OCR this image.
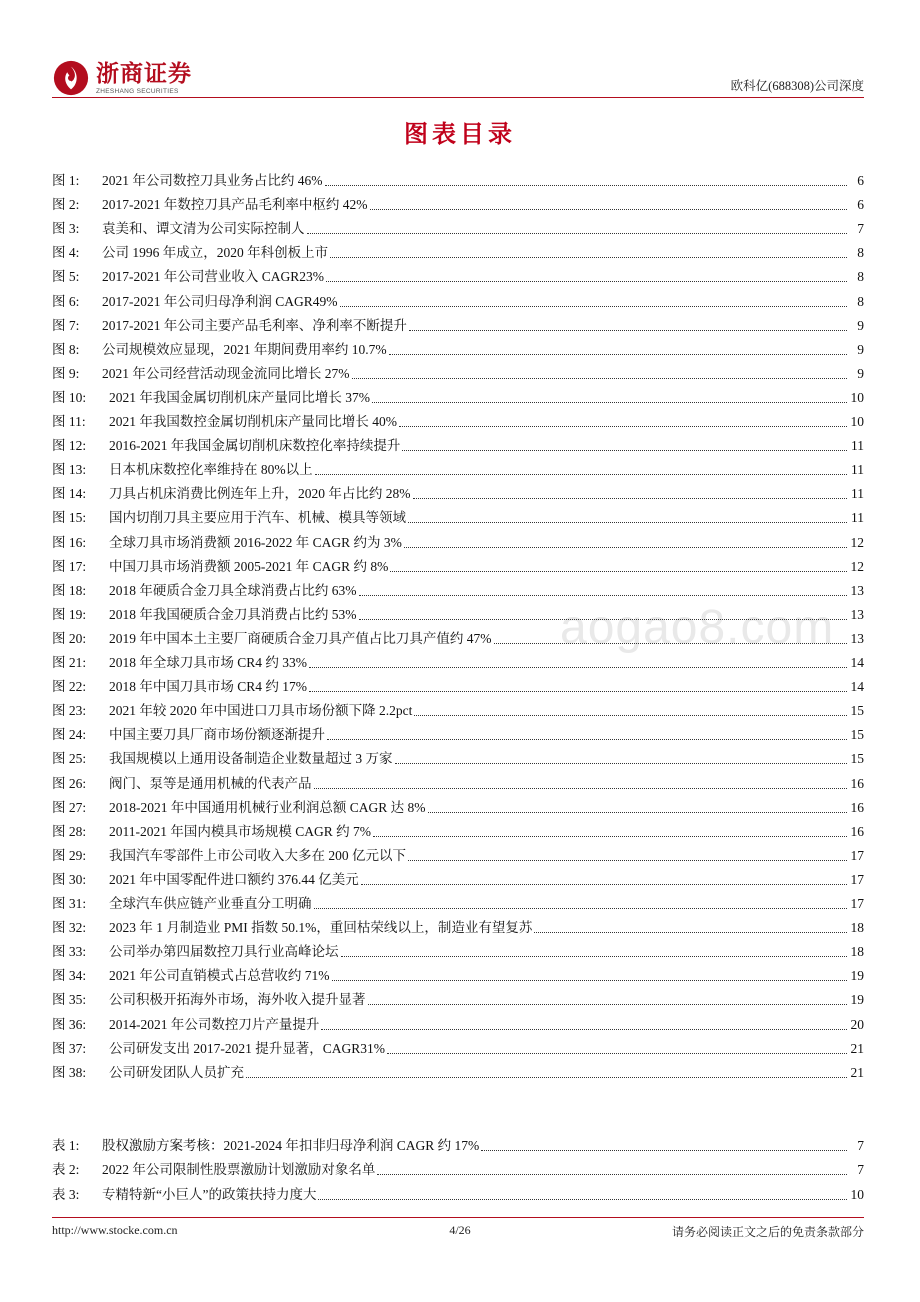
浙商证券
ZHESHANG SECURITIES	欧科亿(688308)公司深度
图表目录
aogao8.com
图 1: 2021 年公司数控刀具业务占比约 46%	6
图 2: 2017-2021 年数控刀具产品毛利率中枢约 42%	6
图 3: 袁美和、谭文清为公司实际控制人	7
图 4: 公司 1996 年成立，2020 年科创板上市	8
图 5: 2017-2021 年公司营业收入 CAGR23%	8
图 6: 2017-2021 年公司归母净利润 CAGR49%	8
图 7: 2017-2021 年公司主要产品毛利率、净利率不断提升	9
图 8: 公司规模效应显现，2021 年期间费用率约 10.7%	9
图 9: 2021 年公司经营活动现金流同比增长 27%	9
图 10: 2021 年我国金属切削机床产量同比增长 37%	10
图 11: 2021 年我国数控金属切削机床产量同比增长 40%	10
图 12: 2016-2021 年我国金属切削机床数控化率持续提升	11
图 13: 日本机床数控化率维持在 80%以上	11
图 14: 刀具占机床消费比例连年上升，2020 年占比约 28%	11
图 15: 国内切削刀具主要应用于汽车、机械、模具等领域	11
图 16: 全球刀具市场消费额 2016-2022 年 CAGR 约为 3%	12
图 17: 中国刀具市场消费额 2005-2021 年 CAGR 约 8%	12
图 18: 2018 年硬质合金刀具全球消费占比约 63%	13
图 19: 2018 年我国硬质合金刀具消费占比约 53%	13
图 20: 2019 年中国本土主要厂商硬质合金刀具产值占比刀具产值约 47%	13
图 21: 2018 年全球刀具市场 CR4 约 33%	14
图 22: 2018 年中国刀具市场 CR4 约 17%	14
图 23: 2021 年较 2020 年中国进口刀具市场份额下降 2.2pct	15
图 24: 中国主要刀具厂商市场份额逐渐提升	15
图 25: 我国规模以上通用设备制造企业数量超过 3 万家	15
图 26: 阀门、泵等是通用机械的代表产品	16
图 27: 2018-2021 年中国通用机械行业利润总额 CAGR 达 8%	16
图 28: 2011-2021 年国内模具市场规模 CAGR 约 7%	16
图 29: 我国汽车零部件上市公司收入大多在 200 亿元以下	17
图 30: 2021 年中国零配件进口额约 376.44 亿美元	17
图 31: 全球汽车供应链产业垂直分工明确	17
图 32: 2023 年 1 月制造业 PMI 指数 50.1%，重回枯荣线以上，制造业有望复苏	18
图 33: 公司举办第四届数控刀具行业高峰论坛	18
图 34: 2021 年公司直销模式占总营收约 71%	19
图 35: 公司积极开拓海外市场，海外收入提升显著	19
图 36: 2014-2021 年公司数控刀片产量提升	20
图 37: 公司研发支出 2017-2021 提升显著，CAGR31%	21
图 38: 公司研发团队人员扩充	21
表 1: 股权激励方案考核：2021-2024 年扣非归母净利润 CAGR 约 17%	7
表 2: 2022 年公司限制性股票激励计划激励对象名单	7
表 3: 专精特新“小巨人”的政策扶持力度大	10
http://www.stocke.com.cn	4/26	请务必阅读正文之后的免责条款部分
